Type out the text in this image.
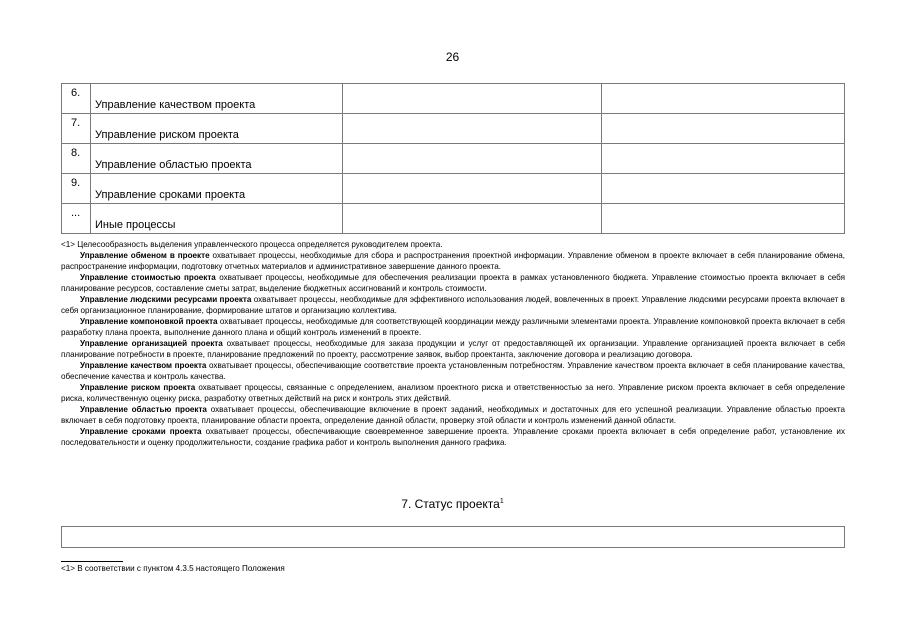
26
6.	Управление качеством проекта		

7.	Управление риском проекта		

8.	Управление областью проекта		

9.	Управление сроками проекта		

...	Иные процессы		

<1> Целесообразность выделения управленческого процесса определяется руководителем проекта.

Управление обменом в проекте охватывает процессы, необходимые для сбора и распространения проектной информации. Управление обменом в проекте включает в себя планирование обмена, распространение информации, подготовку отчетных материалов и административное завершение данного проекта.

Управление стоимостью проекта охватывает процессы, необходимые для обеспечения реализации проекта в рамках установленного бюджета. Управление стоимостью проекта включает в себя планирование ресурсов, составление сметы затрат, выделение бюджетных ассигнований и контроль стоимости.

Управление людскими ресурсами проекта охватывает процессы, необходимые для эффективного использования людей, вовлеченных в проект. Управление людскими ресурсами проекта включает в себя организационное планирование, формирование штатов и организацию коллектива.

Управление компоновкой проекта охватывает процессы, необходимые для соответствующей координации между различными элементами проекта. Управление компоновкой проекта включает в себя разработку плана проекта, выполнение данного плана и общий контроль изменений в проекте.

Управление организацией проекта охватывает процессы, необходимые для заказа продукции и услуг от предоставляющей их организации. Управление организацией проекта включает в себя планирование потребности в проекте, планирование предложений по проекту, рассмотрение заявок, выбор проектанта, заключение договора и реализацию договора.

Управление качеством проекта охватывает процессы, обеспечивающие соответствие проекта установленным потребностям. Управление качеством проекта включает в себя планирование качества, обеспечение качества и контроль качества.

Управление риском проекта охватывает процессы, связанные с определением, анализом проектного риска и ответственностью за него. Управление риском проекта включает в себя определение риска, количественную оценку риска, разработку ответных действий на риск и контроль этих действий.

Управление областью проекта охватывает процессы, обеспечивающие включение в проект заданий, необходимых и достаточных для его успешной реализации. Управление областью проекта включает в себя подготовку проекта, планирование области проекта, определение данной области, проверку этой области и контроль изменений данной области.

Управление сроками проекта охватывает процессы, обеспечивающие своевременное завершение проекта. Управление сроками проекта включает в себя определение работ, установление их последовательности и оценку продолжительности, создание графика работ и контроль выполнения данного графика.

7. Статус проекта$^1$
<1> В соответствии с пунктом 4.3.5 настоящего Положения
